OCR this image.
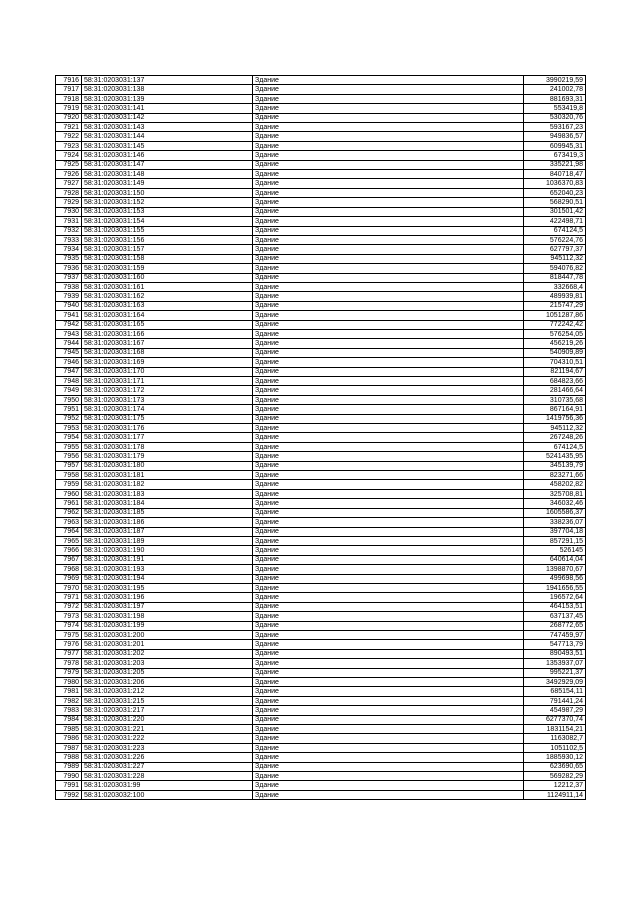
7916	58:31:0203031:137	Здание	3990219,59
7917	58:31:0203031:138	Здание	241002,78
7918	58:31:0203031:139	Здание	881693,31
7919	58:31:0203031:141	Здание	553419,8
7920	58:31:0203031:142	Здание	530320,76
7921	58:31:0203031:143	Здание	593167,23
7922	58:31:0203031:144	Здание	949836,57
7923	58:31:0203031:145	Здание	609945,31
7924	58:31:0203031:146	Здание	673419,3
7925	58:31:0203031:147	Здание	335221,98
7926	58:31:0203031:148	Здание	840718,47
7927	58:31:0203031:149	Здание	1036370,83
7928	58:31:0203031:150	Здание	652040,23
7929	58:31:0203031:152	Здание	568290,51
7930	58:31:0203031:153	Здание	301501,42
7931	58:31:0203031:154	Здание	422498,71
7932	58:31:0203031:155	Здание	674124,5
7933	58:31:0203031:156	Здание	576224,76
7934	58:31:0203031:157	Здание	627797,37
7935	58:31:0203031:158	Здание	945112,32
7936	58:31:0203031:159	Здание	594076,82
7937	58:31:0203031:160	Здание	818447,78
7938	58:31:0203031:161	Здание	332668,4
7939	58:31:0203031:162	Здание	489939,81
7940	58:31:0203031:163	Здание	215747,29
7941	58:31:0203031:164	Здание	1051287,86
7942	58:31:0203031:165	Здание	772242,42
7943	58:31:0203031:166	Здание	576254,05
7944	58:31:0203031:167	Здание	456219,26
7945	58:31:0203031:168	Здание	540909,89
7946	58:31:0203031:169	Здание	704310,51
7947	58:31:0203031:170	Здание	821194,67
7948	58:31:0203031:171	Здание	684823,66
7949	58:31:0203031:172	Здание	281466,64
7950	58:31:0203031:173	Здание	310735,68
7951	58:31:0203031:174	Здание	867164,91
7952	58:31:0203031:175	Здание	1419756,36
7953	58:31:0203031:176	Здание	945112,32
7954	58:31:0203031:177	Здание	267248,26
7955	58:31:0203031:178	Здание	674124,5
7956	58:31:0203031:179	Здание	5241435,95
7957	58:31:0203031:180	Здание	345139,79
7958	58:31:0203031:181	Здание	823271,66
7959	58:31:0203031:182	Здание	458202,82
7960	58:31:0203031:183	Здание	325708,81
7961	58:31:0203031:184	Здание	346032,46
7962	58:31:0203031:185	Здание	1605586,37
7963	58:31:0203031:186	Здание	338236,07
7964	58:31:0203031:187	Здание	397704,18
7965	58:31:0203031:189	Здание	857291,15
7966	58:31:0203031:190	Здание	526145
7967	58:31:0203031:191	Здание	640614,04
7968	58:31:0203031:193	Здание	1398870,67
7969	58:31:0203031:194	Здание	499698,56
7970	58:31:0203031:195	Здание	1941656,55
7971	58:31:0203031:196	Здание	196572,64
7972	58:31:0203031:197	Здание	464153,51
7973	58:31:0203031:198	Здание	637137,45
7974	58:31:0203031:199	Здание	268772,65
7975	58:31:0203031:200	Здание	747459,97
7976	58:31:0203031:201	Здание	547713,79
7977	58:31:0203031:202	Здание	890493,51
7978	58:31:0203031:203	Здание	1353937,07
7979	58:31:0203031:205	Здание	995221,37
7980	58:31:0203031:206	Здание	3492929,09
7981	58:31:0203031:212	Здание	685154,11
7982	58:31:0203031:215	Здание	791441,24
7983	58:31:0203031:217	Здание	454987,29
7984	58:31:0203031:220	Здание	6277370,74
7985	58:31:0203031:221	Здание	1831154,21
7986	58:31:0203031:222	Здание	1163082,7
7987	58:31:0203031:223	Здание	1051102,5
7988	58:31:0203031:226	Здание	1885930,12
7989	58:31:0203031:227	Здание	623690,65
7990	58:31:0203031:228	Здание	569282,29
7991	58:31:0203031:99	Здание	12212,37
7992	58:31:0203032:100	Здание	1124911,14
